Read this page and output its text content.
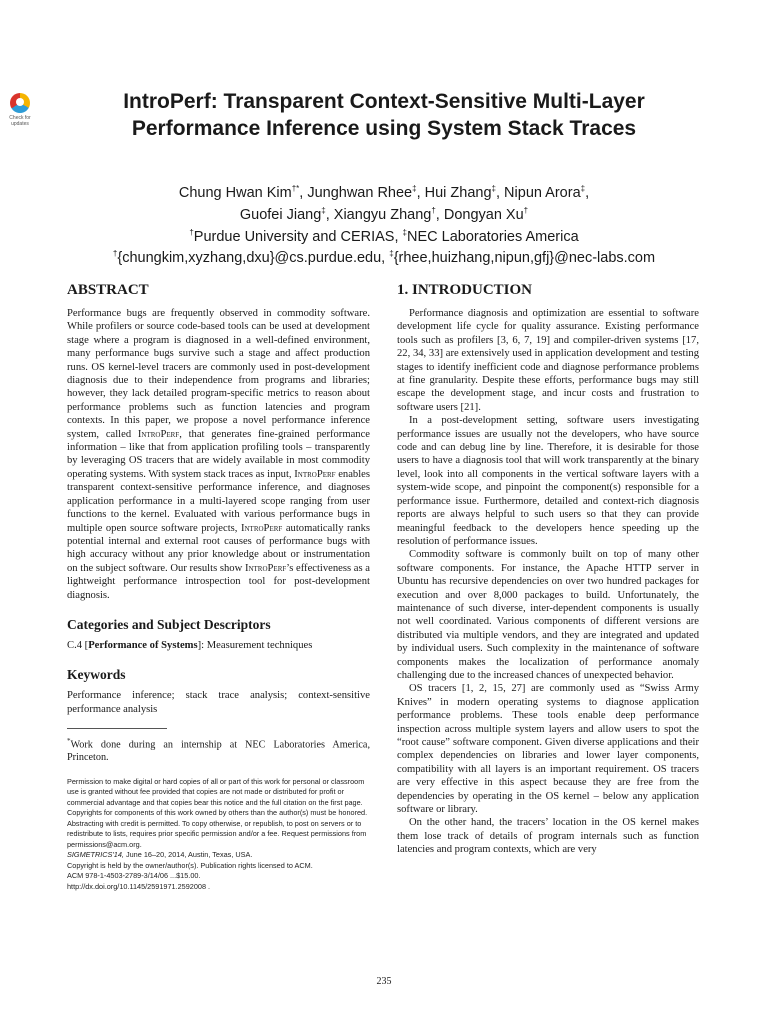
Check for
updates
IntroPerf: Transparent Context-Sensitive Multi-Layer
Performance Inference using System Stack Traces
Chung Hwan Kim†*, Junghwan Rhee‡, Hui Zhang‡, Nipun Arora‡,
Guofei Jiang‡, Xiangyu Zhang†, Dongyan Xu†
†Purdue University and CERIAS, ‡NEC Laboratories America
†{chungkim,xyzhang,dxu}@cs.purdue.edu, ‡{rhee,huizhang,nipun,gfj}@nec-labs.com
ABSTRACT

Performance bugs are frequently observed in commodity software. While profilers or source code-based tools can be used at development stage where a program is diagnosed in a well-defined environment, many performance bugs survive such a stage and affect production runs. OS kernel-level tracers are commonly used in post-development diagnosis due to their independence from programs and libraries; however, they lack detailed program-specific metrics to reason about performance problems such as function latencies and program contexts. In this paper, we propose a novel performance inference system, called IntroPerf, that generates fine-grained performance information – like that from application profiling tools – transparently by leveraging OS tracers that are widely available in most commodity operating systems. With system stack traces as input, IntroPerf enables transparent context-sensitive performance inference, and diagnoses application performance in a multi-layered scope ranging from user functions to the kernel. Evaluated with various performance bugs in multiple open source software projects, IntroPerf automatically ranks potential internal and external root causes of performance bugs with high accuracy without any prior knowledge about or instrumentation on the subject software. Our results show IntroPerf’s effectiveness as a lightweight performance introspection tool for post-development diagnosis.

Categories and Subject Descriptors

C.4 [Performance of Systems]: Measurement techniques

Keywords

Performance inference; stack trace analysis; context-sensitive performance analysis

*Work done during an internship at NEC Laboratories America, Princeton.
Permission to make digital or hard copies of all or part of this work for personal or classroom use is granted without fee provided that copies are not made or distributed for profit or commercial advantage and that copies bear this notice and the full citation on the first page. Copyrights for components of this work owned by others than the author(s) must be honored. Abstracting with credit is permitted. To copy otherwise, or republish, to post on servers or to redistribute to lists, requires prior specific permission and/or a fee. Request permissions from permissions@acm.org.
SIGMETRICS'14, June 16–20, 2014, Austin, Texas, USA.
Copyright is held by the owner/author(s). Publication rights licensed to ACM.
ACM 978-1-4503-2789-3/14/06 ...$15.00.
http://dx.doi.org/10.1145/2591971.2592008 .
1. INTRODUCTION

Performance diagnosis and optimization are essential to software development life cycle for quality assurance. Existing performance tools such as profilers [3, 6, 7, 19] and compiler-driven systems [17, 22, 34, 33] are extensively used in application development and testing stages to identify inefficient code and diagnose performance problems at fine granularity. Despite these efforts, performance bugs may still escape the development stage, and incur costs and frustration to software users [21].

In a post-development setting, software users investigating performance issues are usually not the developers, who have source code and can debug line by line. Therefore, it is desirable for those users to have a diagnosis tool that will work transparently at the binary level, look into all components in the vertical software layers with a system-wide scope, and pinpoint the component(s) responsible for a performance issue. Furthermore, detailed and context-rich diagnosis reports are always helpful to such users so that they can provide meaningful feedback to the developers hence speeding up the resolution of performance issues.

Commodity software is commonly built on top of many other software components. For instance, the Apache HTTP server in Ubuntu has recursive dependencies on over two hundred packages for execution and over 8,000 packages to build. Unfortunately, the maintenance of such diverse, inter-dependent components is usually not well coordinated. Various components of different versions are distributed via multiple vendors, and they are integrated and updated by individual users. Such complexity in the maintenance of software components makes the localization of performance anomaly challenging due to the increased chances of unexpected behavior.

OS tracers [1, 2, 15, 27] are commonly used as “Swiss Army Knives” in modern operating systems to diagnose application performance problems. These tools enable deep performance inspection across multiple system layers and allow users to spot the “root cause” software component. Given diverse applications and their complex dependencies on libraries and lower layer components, compatibility with all layers is an important requirement. OS tracers are very effective in this aspect because they are free from the dependencies by operating in the OS kernel – below any application software or library.

On the other hand, the tracers’ location in the OS kernel makes them lose track of details of program internals such as function latencies and program contexts, which are very

235
